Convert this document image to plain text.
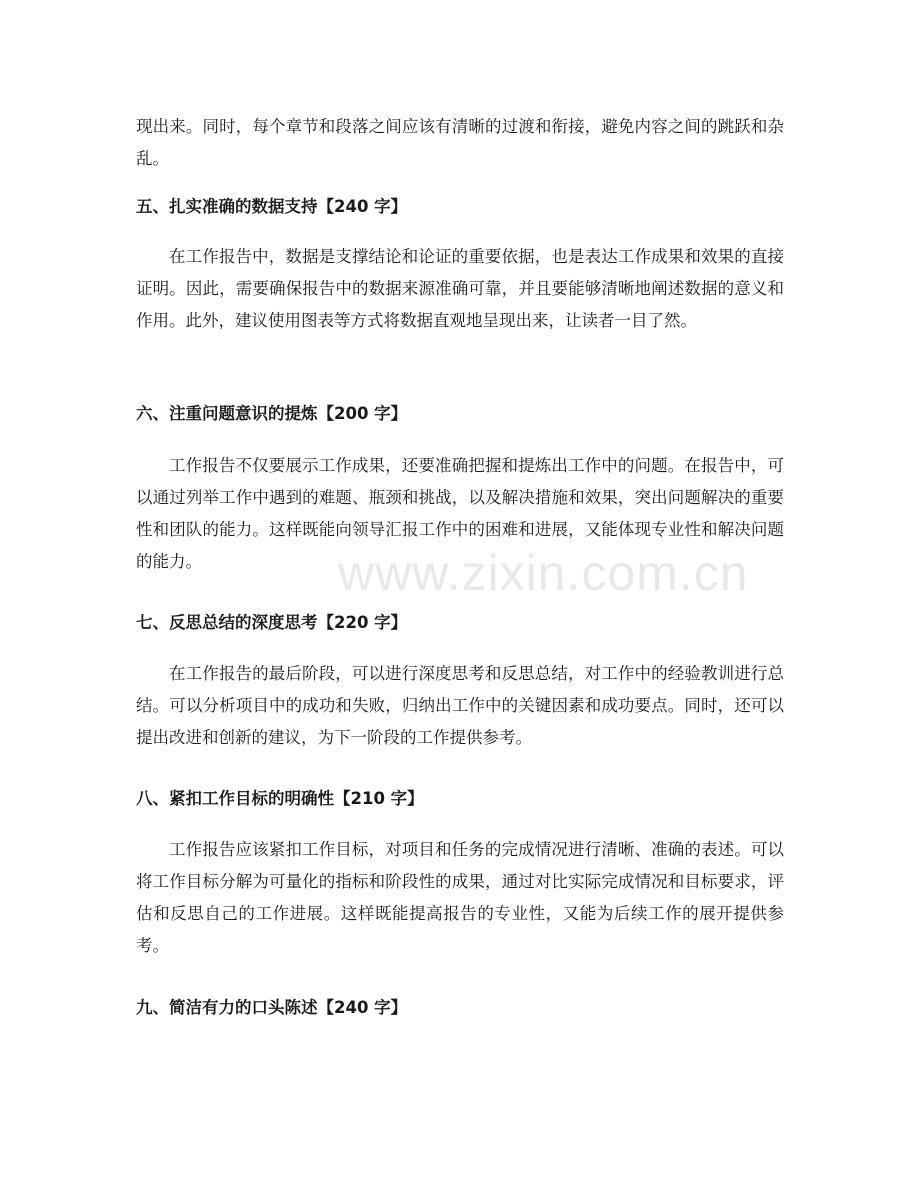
现出来。同时，每个章节和段落之间应该有清晰的过渡和衔接，避免内容之间的跳跃和杂乱。

五、扎实准确的数据支持【240 字】

在工作报告中，数据是支撑结论和论证的重要依据，也是表达工作成果和效果的直接证明。因此，需要确保报告中的数据来源准确可靠，并且要能够清晰地阐述数据的意义和作用。此外，建议使用图表等方式将数据直观地呈现出来，让读者一目了然。

六、注重问题意识的提炼【200 字】

工作报告不仅要展示工作成果，还要准确把握和提炼出工作中的问题。在报告中，可以通过列举工作中遇到的难题、瓶颈和挑战，以及解决措施和效果，突出问题解决的重要性和团队的能力。这样既能向领导汇报工作中的困难和进展，又能体现专业性和解决问题的能力。

七、反思总结的深度思考【220 字】

在工作报告的最后阶段，可以进行深度思考和反思总结，对工作中的经验教训进行总结。可以分析项目中的成功和失败，归纳出工作中的关键因素和成功要点。同时，还可以提出改进和创新的建议，为下一阶段的工作提供参考。

八、紧扣工作目标的明确性【210 字】

工作报告应该紧扣工作目标，对项目和任务的完成情况进行清晰、准确的表述。可以将工作目标分解为可量化的指标和阶段性的成果，通过对比实际完成情况和目标要求，评估和反思自己的工作进展。这样既能提高报告的专业性，又能为后续工作的展开提供参考。

九、简洁有力的口头陈述【240 字】
www.zixin.com.cn
